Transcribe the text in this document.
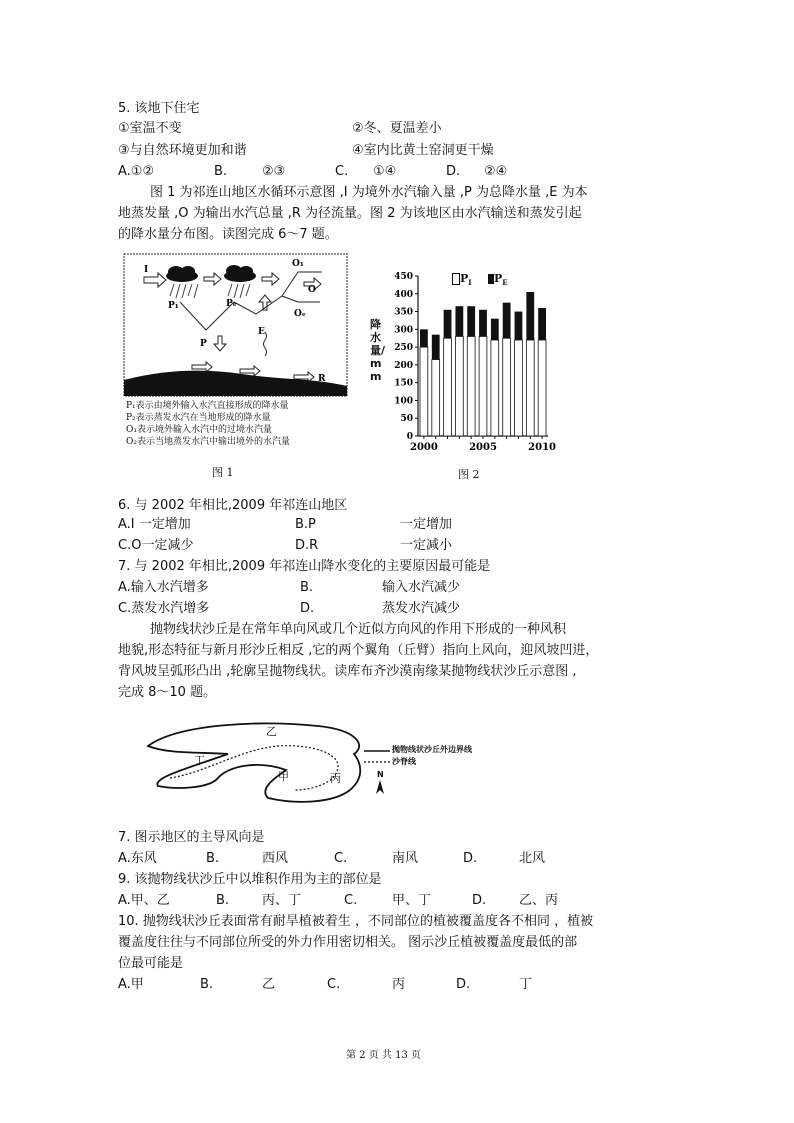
5. 该地下住宅
①室温不变	②冬、夏温差小
③与自然环境更加和谐	④室内比黄土窑洞更干燥
A.①②	B.	②③	C. ①④	D. ②④
图 1 为祁连山地区水循环示意图 ,I 为境外水汽输入量 ,P 为总降水量 ,E 为本
地蒸发量 ,O 为输出水汽总量 ,R 为径流量。图 2 为该地区由水汽输送和蒸发引起
的降水量分布图。读图完成 6～7 题。
I
P₁	Pₑ
P
E
O₁
O
Oₑ
R
P₁表示由境外输入水汽直接形成的降水量
P₂表示蒸发水汽在当地形成的降水量
O₁表示境外输入水汽中的过境水汽量
O₂表示当地蒸发水汽中输出境外的水汽量
图 1
0
50
100
150
200
250
300
350
400
450
2000	2005	2010
降水量/mm
$P_I$	$P_E$
图 2
6. 与 2002 年相比,2009 年祁连山地区
A.I 一定增加	B.P	一定增加
C.O一定减少	D.R	一定减小
7. 与 2002 年相比,2009 年祁连山降水变化的主要原因最可能是
A.输入水汽增多	B.	输入水汽减少
C.蒸发水汽增多	D.	蒸发水汽减少
抛物线状沙丘是在常年单向风或几个近似方向风的作用下形成的一种风积
地貌,形态特征与新月形沙丘相反 ,它的两个翼角（丘臂）指向上风向，迎风坡凹进，
背风坡呈弧形凸出 ,轮廓呈抛物线状。读库布齐沙漠南缘某抛物线状沙丘示意图 ,
完成 8～10 题。
抛物线状沙丘外边界线
沙脊线
N
乙
丁
甲	丙
7. 图示地区的主导风向是
A.东风	B.	西风	C.	南风	D.	北风
9. 该抛物线状沙丘中以堆积作用为主的部位是
A.甲、乙	B.	丙、丁	C.	甲、丁	D.	乙、丙
10. 抛物线状沙丘表面常有耐旱植被着生 ，不同部位的植被覆盖度各不相同 ，植被
覆盖度往往与不同部位所受的外力作用密切相关。 图示沙丘植被覆盖度最低的部
位最可能是
A.甲	B.	乙	C.	丙	D.	丁
第 2 页 共 13 页
